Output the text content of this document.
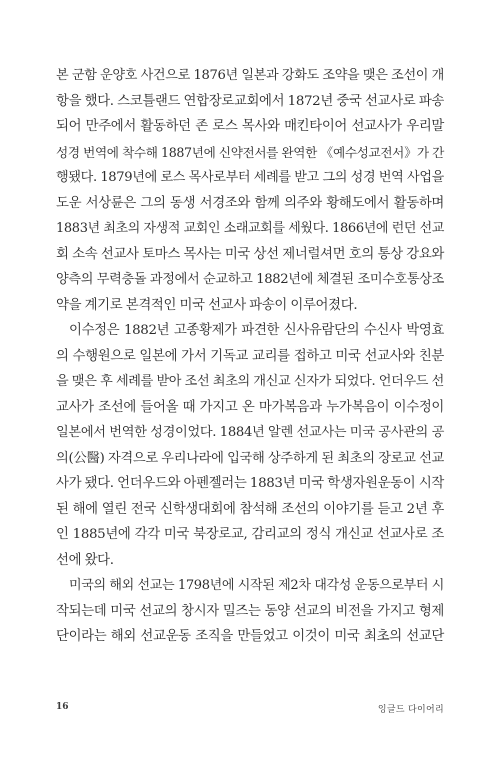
본 군함 운양호 사건으로 1876년 일본과 강화도 조약을 맺은 조선이 개
항을 했다. 스코틀랜드 연합장로교회에서 1872년 중국 선교사로 파송
되어 만주에서 활동하던 존 로스 목사와 매킨타이어 선교사가 우리말
성경 번역에 착수해 1887년에 신약전서를 완역한 《예수성교전서》가 간
행됐다. 1879년에 로스 목사로부터 세례를 받고 그의 성경 번역 사업을
도운 서상륜은 그의 동생 서경조와 함께 의주와 황해도에서 활동하며
1883년 최초의 자생적 교회인 소래교회를 세웠다. 1866년에 런던 선교
회 소속 선교사 토마스 목사는 미국 상선 제너럴셔먼 호의 통상 강요와
양측의 무력충돌 과정에서 순교하고 1882년에 체결된 조미수호통상조
약을 계기로 본격적인 미국 선교사 파송이 이루어졌다.
이수정은 1882년 고종황제가 파견한 신사유람단의 수신사 박영효
의 수행원으로 일본에 가서 기독교 교리를 접하고 미국 선교사와 친분
을 맺은 후 세례를 받아 조선 최초의 개신교 신자가 되었다. 언더우드 선
교사가 조선에 들어올 때 가지고 온 마가복음과 누가복음이 이수정이
일본에서 번역한 성경이었다. 1884년 알렌 선교사는 미국 공사관의 공
의(公醫) 자격으로 우리나라에 입국해 상주하게 된 최초의 장로교 선교
사가 됐다. 언더우드와 아펜젤러는 1883년 미국 학생자원운동이 시작
된 해에 열린 전국 신학생대회에 참석해 조선의 이야기를 듣고 2년 후
인 1885년에 각각 미국 북장로교, 감리교의 정식 개신교 선교사로 조
선에 왔다.
미국의 해외 선교는 1798년에 시작된 제2차 대각성 운동으로부터 시
작되는데 미국 선교의 창시자 밀즈는 동양 선교의 비전을 가지고 형제
단이라는 해외 선교운동 조직을 만들었고 이것이 미국 최초의 선교단
16	잉글드 다이어리
